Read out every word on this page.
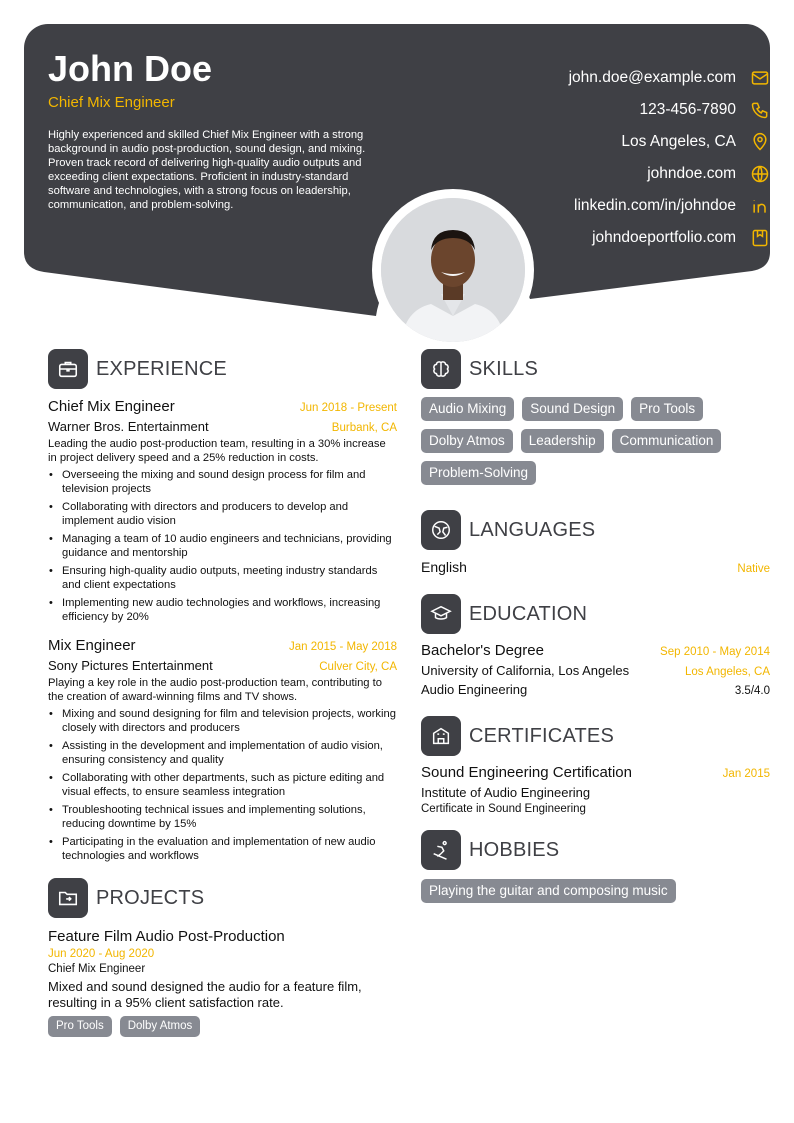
John Doe
Chief Mix Engineer
Highly experienced and skilled Chief Mix Engineer with a strong background in audio post-production, sound design, and mixing. Proven track record of delivering high-quality audio outputs and exceeding client expectations. Proficient in industry-standard software and technologies, with a strong focus on leadership, communication, and problem-solving.
john.doe@example.com
123-456-7890
Los Angeles, CA
johndoe.com
linkedin.com/in/johndoe
johndoeportfolio.com
EXPERIENCE
Chief Mix Engineer	Jun 2018 - Present
Warner Bros. Entertainment	Burbank, CA
Leading the audio post-production team, resulting in a 30% increase in project delivery speed and a 25% reduction in costs.
• Overseeing the mixing and sound design process for film and television projects
• Collaborating with directors and producers to develop and implement audio vision
• Managing a team of 10 audio engineers and technicians, providing guidance and mentorship
• Ensuring high-quality audio outputs, meeting industry standards and client expectations
• Implementing new audio technologies and workflows, increasing efficiency by 20%
Mix Engineer	Jan 2015 - May 2018
Sony Pictures Entertainment	Culver City, CA
Playing a key role in the audio post-production team, contributing to the creation of award-winning films and TV shows.
• Mixing and sound designing for film and television projects, working closely with directors and producers
• Assisting in the development and implementation of audio vision, ensuring consistency and quality
• Collaborating with other departments, such as picture editing and visual effects, to ensure seamless integration
• Troubleshooting technical issues and implementing solutions, reducing downtime by 15%
• Participating in the evaluation and implementation of new audio technologies and workflows
PROJECTS
Feature Film Audio Post-Production
Jun 2020 - Aug 2020
Chief Mix Engineer
Mixed and sound designed the audio for a feature film, resulting in a 95% client satisfaction rate.
Pro Tools	Dolby Atmos
SKILLS
Audio Mixing	Sound Design	Pro Tools
Dolby Atmos	Leadership	Communication
Problem-Solving
LANGUAGES
English	Native
EDUCATION
Bachelor's Degree	Sep 2010 - May 2014
University of California, Los Angeles	Los Angeles, CA
Audio Engineering	3.5/4.0
CERTIFICATES
Sound Engineering Certification	Jan 2015
Institute of Audio Engineering
Certificate in Sound Engineering
HOBBIES
Playing the guitar and composing music
